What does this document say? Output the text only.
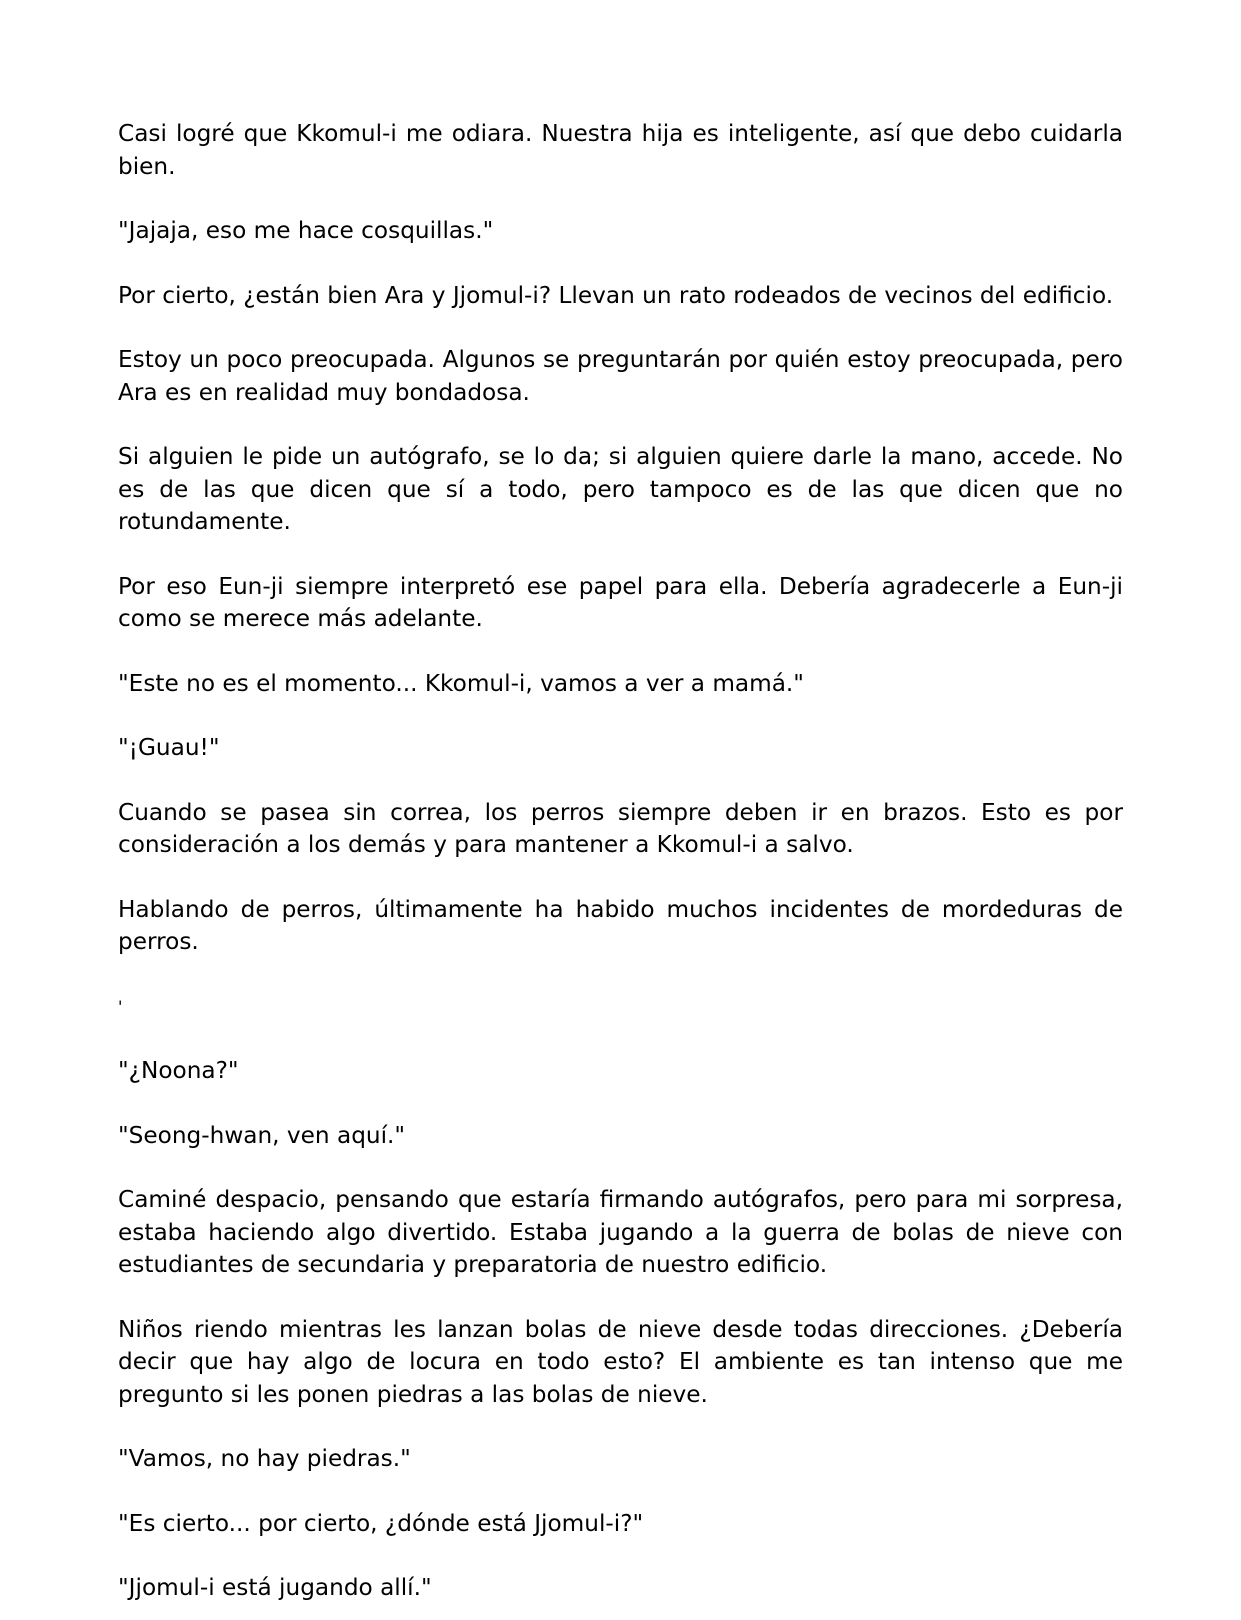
Casi logré que Kkomul-i me odiara. Nuestra hija es inteligente, así que debo cuidarla bien.

"Jajaja, eso me hace cosquillas."

Por cierto, ¿están bien Ara y Jjomul-i? Llevan un rato rodeados de vecinos del edificio.

Estoy un poco preocupada. Algunos se preguntarán por quién estoy preocupada, pero Ara es en realidad muy bondadosa.

Si alguien le pide un autógrafo, se lo da; si alguien quiere darle la mano, accede. No es de las que dicen que sí a todo, pero tampoco es de las que dicen que no rotundamente.

Por eso Eun-ji siempre interpretó ese papel para ella. Debería agradecerle a Eun-ji como se merece más adelante.

"Este no es el momento... Kkomul-i, vamos a ver a mamá."

"¡Guau!"

Cuando se pasea sin correa, los perros siempre deben ir en brazos. Esto es por consideración a los demás y para mantener a Kkomul-i a salvo.

Hablando de perros, últimamente ha habido muchos incidentes de mordeduras de perros.

'

"¿Noona?"

"Seong-hwan, ven aquí."

Caminé despacio, pensando que estaría firmando autógrafos, pero para mi sorpresa, estaba haciendo algo divertido. Estaba jugando a la guerra de bolas de nieve con estudiantes de secundaria y preparatoria de nuestro edificio.

Niños riendo mientras les lanzan bolas de nieve desde todas direcciones. ¿Debería decir que hay algo de locura en todo esto? El ambiente es tan intenso que me pregunto si les ponen piedras a las bolas de nieve.

"Vamos, no hay piedras."

"Es cierto... por cierto, ¿dónde está Jjomul-i?"

"Jjomul-i está jugando allí."
